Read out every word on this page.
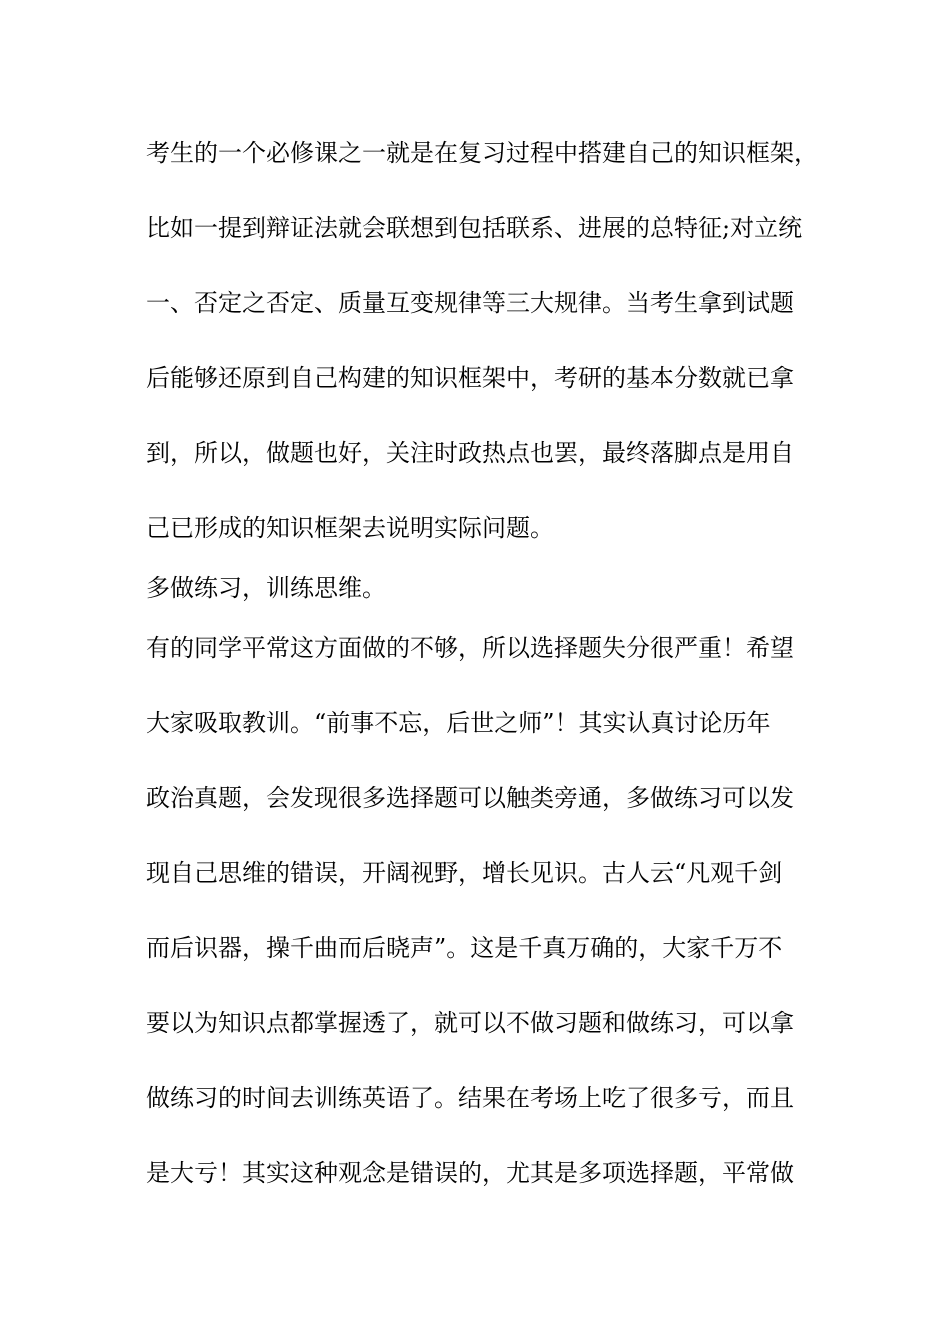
考生的一个必修课之一就是在复习过程中搭建自己的知识框架，
比如一提到辩证法就会联想到包括联系、进展的总特征;对立统
一、否定之否定、质量互变规律等三大规律。当考生拿到试题
后能够还原到自己构建的知识框架中，考研的基本分数就已拿
到，所以，做题也好，关注时政热点也罢，最终落脚点是用自
己已形成的知识框架去说明实际问题。
多做练习，训练思维。
有的同学平常这方面做的不够，所以选择题失分很严重！希望
大家吸取教训。“前事不忘，后世之师”！其实认真讨论历年
政治真题，会发现很多选择题可以触类旁通，多做练习可以发
现自己思维的错误，开阔视野，增长见识。古人云“凡观千剑
而后识器，操千曲而后晓声”。这是千真万确的，大家千万不
要以为知识点都掌握透了，就可以不做习题和做练习，可以拿
做练习的时间去训练英语了。结果在考场上吃了很多亏，而且
是大亏！其实这种观念是错误的，尤其是多项选择题，平常做
